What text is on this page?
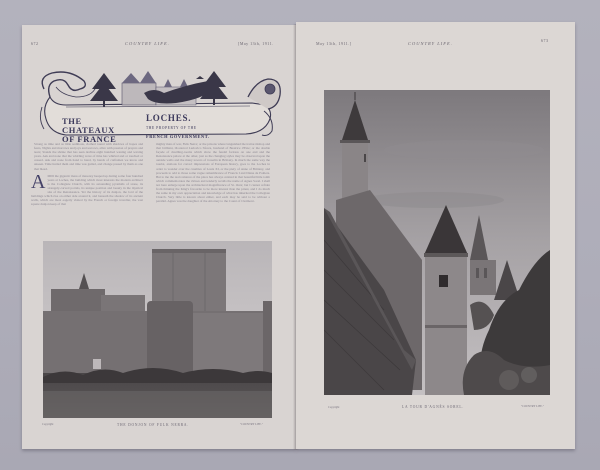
672	COUNTRY LIFE.	[May 13th, 1911.
THE
CHATEAUX
OF FRANCE
LOCHES.
THE PROPERTY OF THE
FRENCH GOVERNMENT.
Strong as time and as little seditious, clothed round with shadows of hopes and fears, Nights and morrows and joys and sorrows, alive with passion of prayers and tears; Stands the shrine that has seen decline eight hundred waning and waxing years. Ask and none that the whirling wave of time has whirled and or touched or ceased. Ask and none from hand to hand, by hands of craftsmen we know and unseen. Time hurled them and time was guiled, and change passed by them as one that bleed.
A MID the gigantic mass of masonry heaped up during some four hundred years at Loches, the building which most interests the modern architect is the Collegiate Church, with its astounding pyramids of stone, its strangely-carved portals, its unique position and beauty in the mystical site of the Renaissance. Yet the history of its dunjon, the lord of the buildings which rise on either side around it, and beneath the shadow of its ancient walls, which are most eagerly visited by the French or foreign traveller, the vast square dunjon keep of that
mighty man of war, Fulk Nerra; or the prisons where languished the traitor-bishop and that brilliant, ill-starred Ludovico Sforza, husband of Beatrice d'Este; or the double façade of dwelling-rooms which show the feudal fortress on one end and the Renaissance palace at the other, just as the changing styles may be observed upon the outside walls and the many towers of Josselin in Brittany. In much the same way the tourist, anxious for correct impressions of European history, goes to the Loches in order to wonder over the cruelties of Louis XI, or the piety of Anne of Brittany, and proceeds to add to those some vague remembrance of Francis I and Diane de Poitiers. But to me the real romance of the place has always centred in that beautiful little tomb which commemorates the virtues and tenderly recalls the name of Agnes Sorel. I shall not here enlarge upon the architectural magnificence of St. Ours; but I cannot refrain from thinking the King's favourite to be more interest than the priest, and I do much the same in my own appreciation and knowledge of what has inherited the Collegiate Church. Very little is known about either, and each may be said to be without a parallel. Agnes was the daughter of the Attorney to the Count of Clermont.
Copyright	THE DONJON OF FULK NERRA.	"COUNTRY LIFE."
May 13th, 1911.]	COUNTRY LIFE.	673
Copyright	LA TOUR D'AGNÈS SOREL.	"COUNTRY LIFE."
